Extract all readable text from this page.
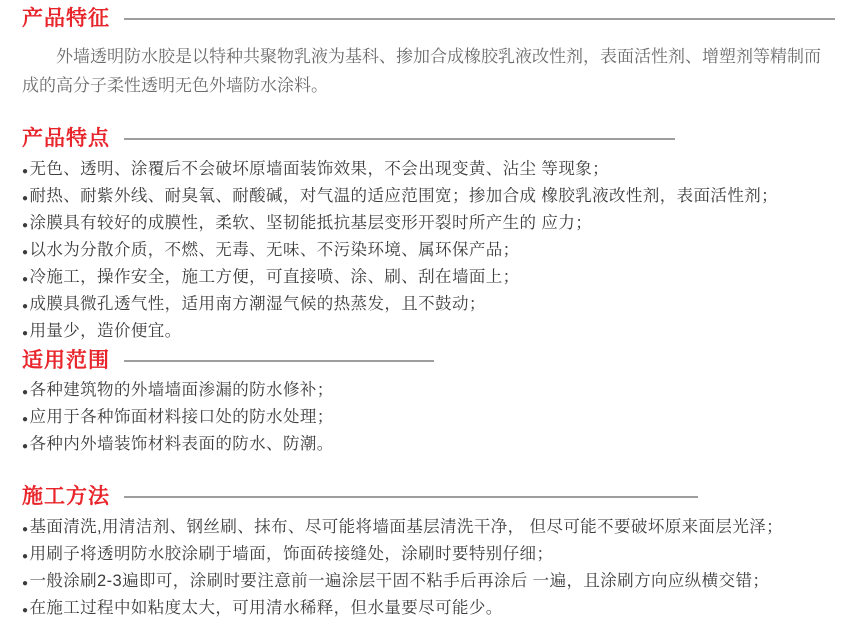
产品特征

外墙透明防水胶是以特种共聚物乳液为基科、掺加合成橡胶乳液改性剂，表面活性剂、增塑剂等精制而成的高分子柔性透明无色外墙防水涂料。

产品特点
● 无色、透明、涂覆后不会破坏原墙面装饰效果，不会出现变黄、沾尘 等现象；
● 耐热、耐紫外线、耐臭氧、耐酸碱，对气温的适应范围宽；掺加合成 橡胶乳液改性剂，表面活性剂；
● 涂膜具有较好的成膜性，柔软、坚韧能抵抗基层变形开裂时所产生的 应力；
● 以水为分散介质，不燃、无毒、无味、不污染环境、属环保产品；
● 冷施工，操作安全，施工方便，可直接喷、涂、刷、刮在墙面上；
● 成膜具微孔透气性，适用南方潮湿气候的热蒸发，且不鼓动；
● 用量少，造价便宜。
适用范围
● 各种建筑物的外墙墙面渗漏的防水修补；
● 应用于各种饰面材料接口处的防水处理；
● 各种内外墙装饰材料表面的防水、防潮。
施工方法
● 基面清洗,用清洁剂、钢丝刷、抹布、尽可能将墙面基层清洗干净， 但尽可能不要破坏原来面层光泽；
● 用刷子将透明防水胶涂刷于墙面，饰面砖接缝处，涂刷时要特别仔细；
● 一般涂刷2-3遍即可，涂刷时要注意前一遍涂层干固不粘手后再涂后 一遍，且涂刷方向应纵横交错；
● 在施工过程中如粘度太大，可用清水稀释，但水量要尽可能少。
